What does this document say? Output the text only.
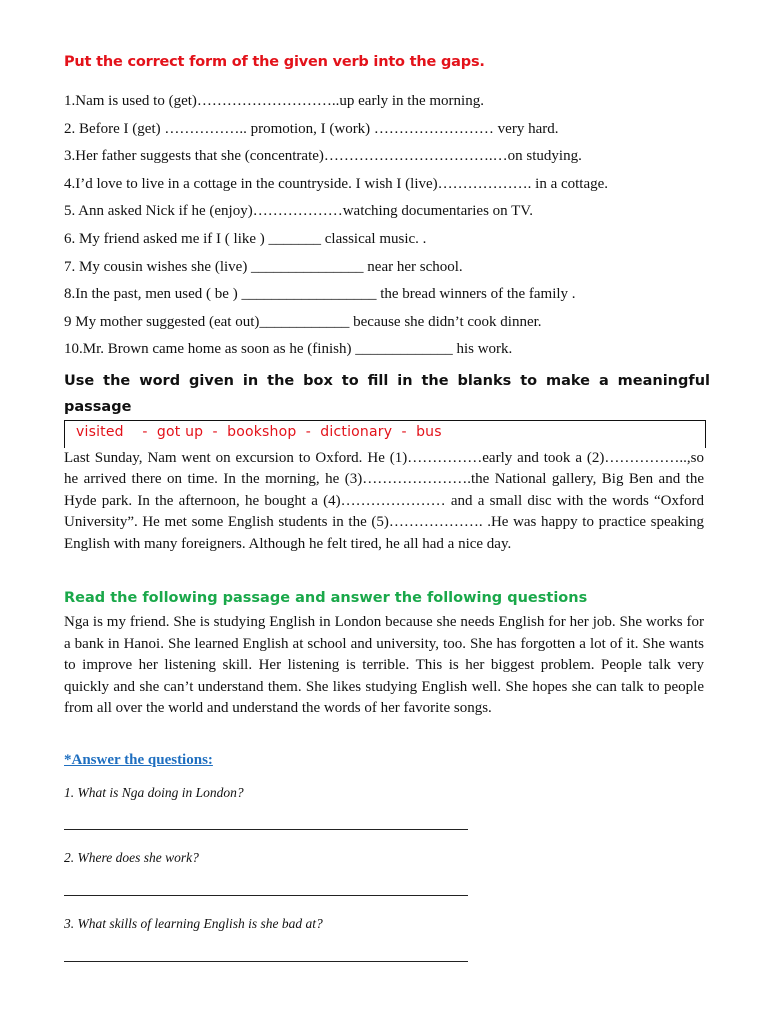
Put the correct form of the given verb into the gaps.
1.Nam is used to (get)………………………..up early in the morning.
2. Before I (get) …………….. promotion, I (work) …………………… very hard.
3.Her father suggests that she (concentrate)…………………………….…on studying.
4.I’d love to live in a cottage in the countryside. I wish I (live)………………. in a cottage.
5. Ann asked Nick if he (enjoy)………………watching documentaries on TV.
6. My friend asked me if I ( like ) _______ classical music. .
7. My cousin wishes she (live) _______________ near her school.
8.In the past, men used ( be ) __________________ the bread winners of the family .
9 My mother suggested (eat out)____________ because she didn’t cook dinner.
10.Mr. Brown came home as soon as he (finish) _____________ his work.
Use the word given in the box to fill in the blanks to make a meaningful passage
visited    -  got up  -  bookshop  -  dictionary  -  bus
Last Sunday, Nam went on excursion to Oxford. He (1)……………early and took a (2)……………..,so he arrived there on time. In the morning, he (3)………………….the National gallery, Big Ben and the Hyde park. In the afternoon, he bought a (4)………………… and a small disc with the words “Oxford University”. He met some English students in the (5)………………. .He was happy to practice speaking English with many foreigners. Although he felt tired, he all had a nice day.
Read the following passage and answer the following questions
Nga is my friend. She is studying English in London because she needs English for her job. She works for a bank in Hanoi. She learned English at school and university, too. She has forgotten a lot of it. She wants to improve her listening skill. Her listening is terrible. This is her biggest problem. People talk very quickly and she can’t understand them. She likes studying English well. She hopes she can talk to people from all over the world and understand the words of her favorite songs.
*Answer the questions:
1. What is Nga doing in London?
2. Where does she work?
3. What skills of learning English is she bad at?
